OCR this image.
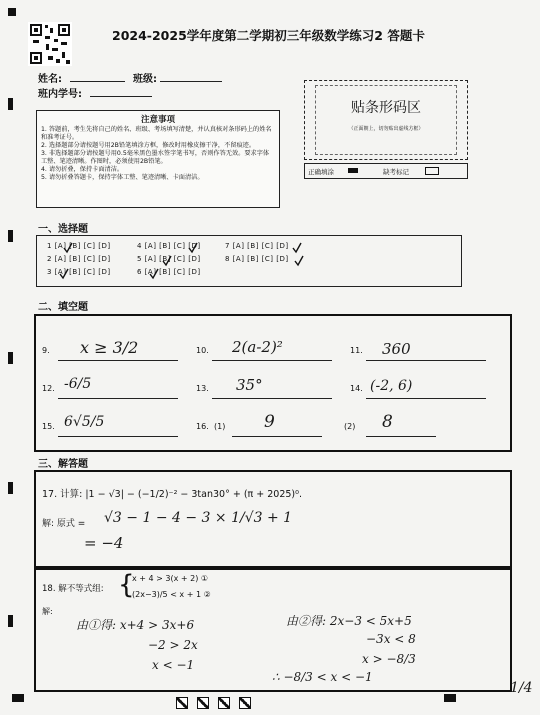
2024-2025学年度第二学期初三年级数学练习2 答题卡
姓名:	班级:
班内学号:
注意事项
1. 答题前，考生先将自己的姓名、班级、考场填写清楚，并认真核对条形码上的姓名和准考证号。
2. 选择题部分请按题号用2B铅笔填涂方框，修改时用橡皮擦干净，不留痕迹。
3. 非选择题部分请按题号用0.5毫米黑色墨水签字笔书写，否则作答无效。要求字体工整、笔迹清晰。作图时，必须使用2B铅笔。
4. 请勿折叠，保持卡面清洁。
5. 请勿折叠答题卡，保持字体工整、笔迹清晰、卡面清洁。
贴条形码区
（正面朝上，切勿贴出虚线方框）
正确填涂	缺考标记
一、选择题
1 [A] [B] [C] [D]	4 [A] [B] [C] [D]	7 [A] [B] [C] [D]
2 [A] [B] [C] [D]	5 [A] [B] [C] [D]	8 [A] [B] [C] [D]
3 [A] [B] [C] [D]	6 [A] [B] [C] [D]
二、填空题
9. x ≥ 3/2	10. 2(a-2)²	11. 360
12. -6/5	13. 35°	14. (-2, 6)
15. 6√5/5	16. (1) 9	(2) 8
三、解答题
17. 计算: |1 − √3| − (−1/2)⁻² − 3tan30° + (π + 2025)⁰.
解: 原式 = √3 − 1 − 4 − 3 × 1/√3 + 1
= −4
18. 解不等式组: {
x + 4 > 3(x + 2) ①
(2x−3)/5 < x + 1 ②
解:
由①得: x+4 > 3x+6
−2 > 2x
x < −1
由②得: 2x−3 < 5x+5
−3x < 8
x > −8/3
∴ −8/3 < x < −1

1/4
